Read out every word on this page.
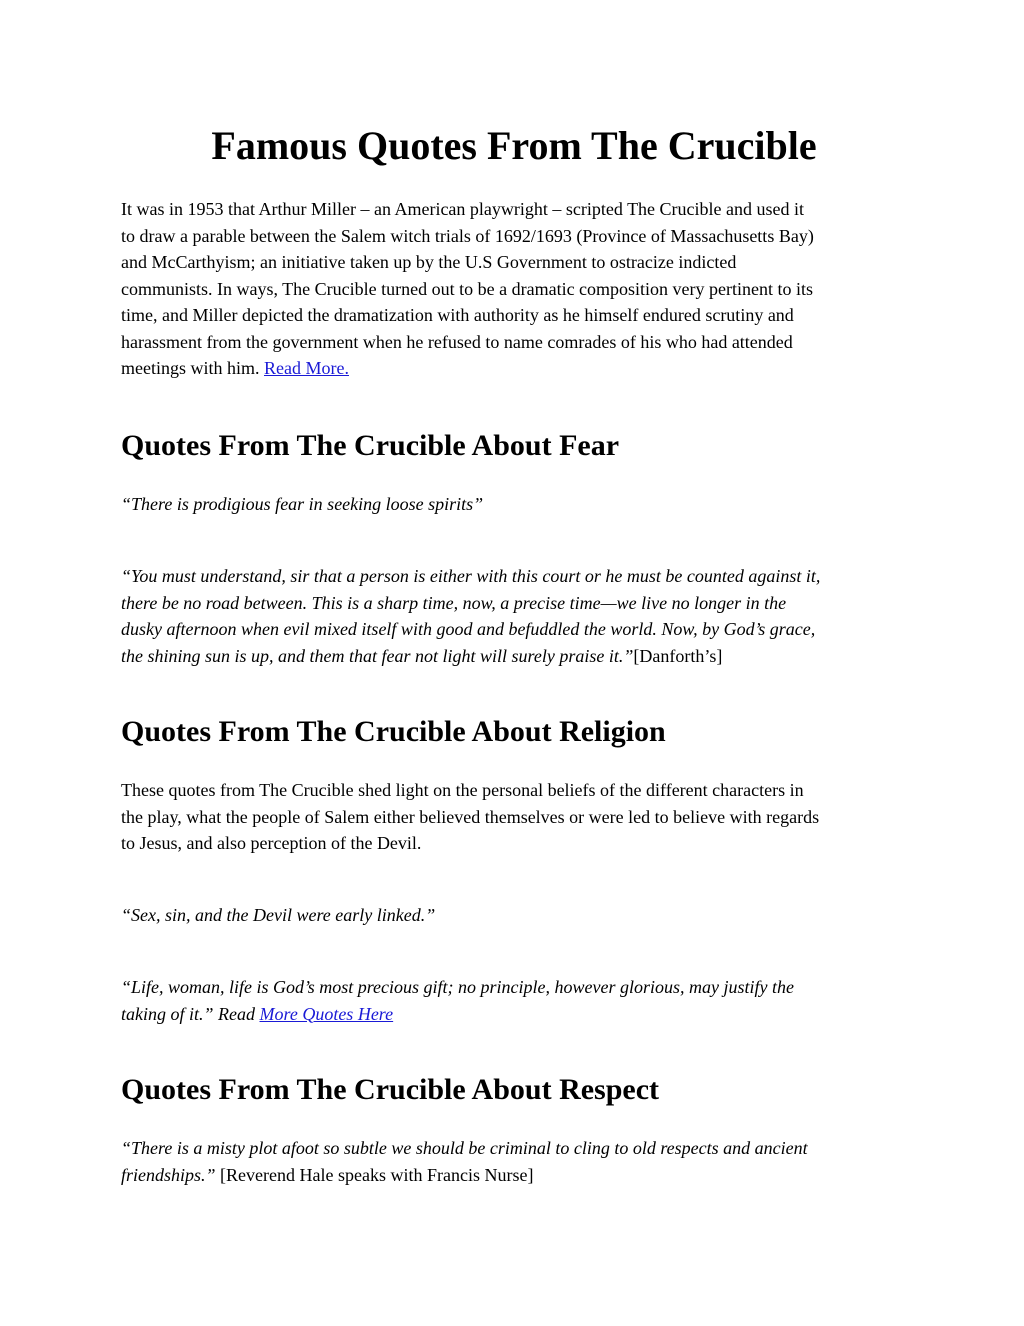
Famous Quotes From The Crucible
It was in 1953 that Arthur Miller – an American playwright – scripted The Crucible and used it
to draw a parable between the Salem witch trials of 1692/1693 (Province of Massachusetts Bay)
and McCarthyism; an initiative taken up by the U.S Government to ostracize indicted
communists. In ways, The Crucible turned out to be a dramatic composition very pertinent to its
time, and Miller depicted the dramatization with authority as he himself endured scrutiny and
harassment from the government when he refused to name comrades of his who had attended
meetings with him. Read More.
Quotes From The Crucible About Fear
“There is prodigious fear in seeking loose spirits”
“You must understand, sir that a person is either with this court or he must be counted against it,
there be no road between. This is a sharp time, now, a precise time—we live no longer in the
dusky afternoon when evil mixed itself with good and befuddled the world. Now, by God’s grace,
the shining sun is up, and them that fear not light will surely praise it.”[Danforth’s]
Quotes From The Crucible About Religion
These quotes from The Crucible shed light on the personal beliefs of the different characters in
the play, what the people of Salem either believed themselves or were led to believe with regards
to Jesus, and also perception of the Devil.
“Sex, sin, and the Devil were early linked.”
“Life, woman, life is God’s most precious gift; no principle, however glorious, may justify the
taking of it.” Read More Quotes Here
Quotes From The Crucible About Respect
“There is a misty plot afoot so subtle we should be criminal to cling to old respects and ancient
friendships.” [Reverend Hale speaks with Francis Nurse]
